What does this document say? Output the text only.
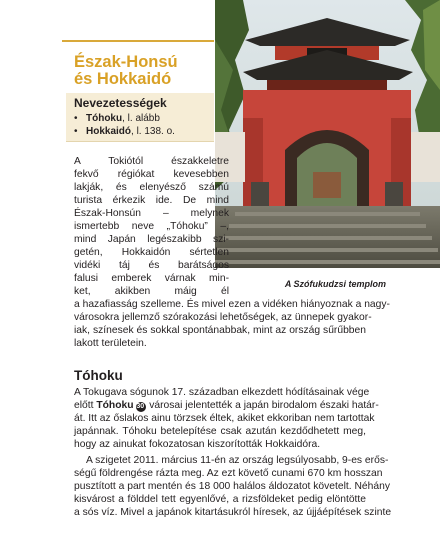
Észak-Honsú
és Hokkaidó
Nevezetességek
• Tóhoku, l. alább
• Hokkaidó, l. 138. o.
A Szófukudzsi templom
A Tokiótól északkeletre
fekvő régiókat kevesebben
lakják, és elenyésző számú
turista érkezik ide. De mind
Észak-Honsún – melynek
ismertebb neve „Tóhoku” –,
mind Japán legészakibb szi-
getén, Hokkaidón sértetlen
vidéki táj és barátságos
falusi emberek várnak min-
ket, akikben máig él
a hazafiasság szelleme. És mivel ezen a vidéken hiányoznak a nagy-
városokra jellemző szórakozási lehetőségek, az ünnepek gyakor-
iak, színesek és sokkal spontánabbak, mint az ország sűrűbben
lakott területein.
Tóhoku
A Tokugava sógunok 17. században elkezdett hódításainak vége
előtt Tóhoku 30 városai jelentették a japán birodalom északi határ-
át. Itt az őslakos ainu törzsek éltek, akiket ekkoriban nem tartottak
japánnak. Tóhoku betelepítése csak azután kezdődhetett meg,
hogy az ainukat fokozatosan kiszorították Hokkaidóra.
A szigetet 2011. március 11-én az ország legsúlyosabb, 9-es erős-
ségű földrengése rázta meg. Az ezt követő cunami 670 km hosszan
pusztított a part mentén és 18 000 halálos áldozatot követelt. Néhány
kisvárost a földdel tett egyenlővé, a rizsföldeket pedig elöntötte
a sós víz. Mivel a japánok kitartásukról híresek, az újjáépítések szinte
